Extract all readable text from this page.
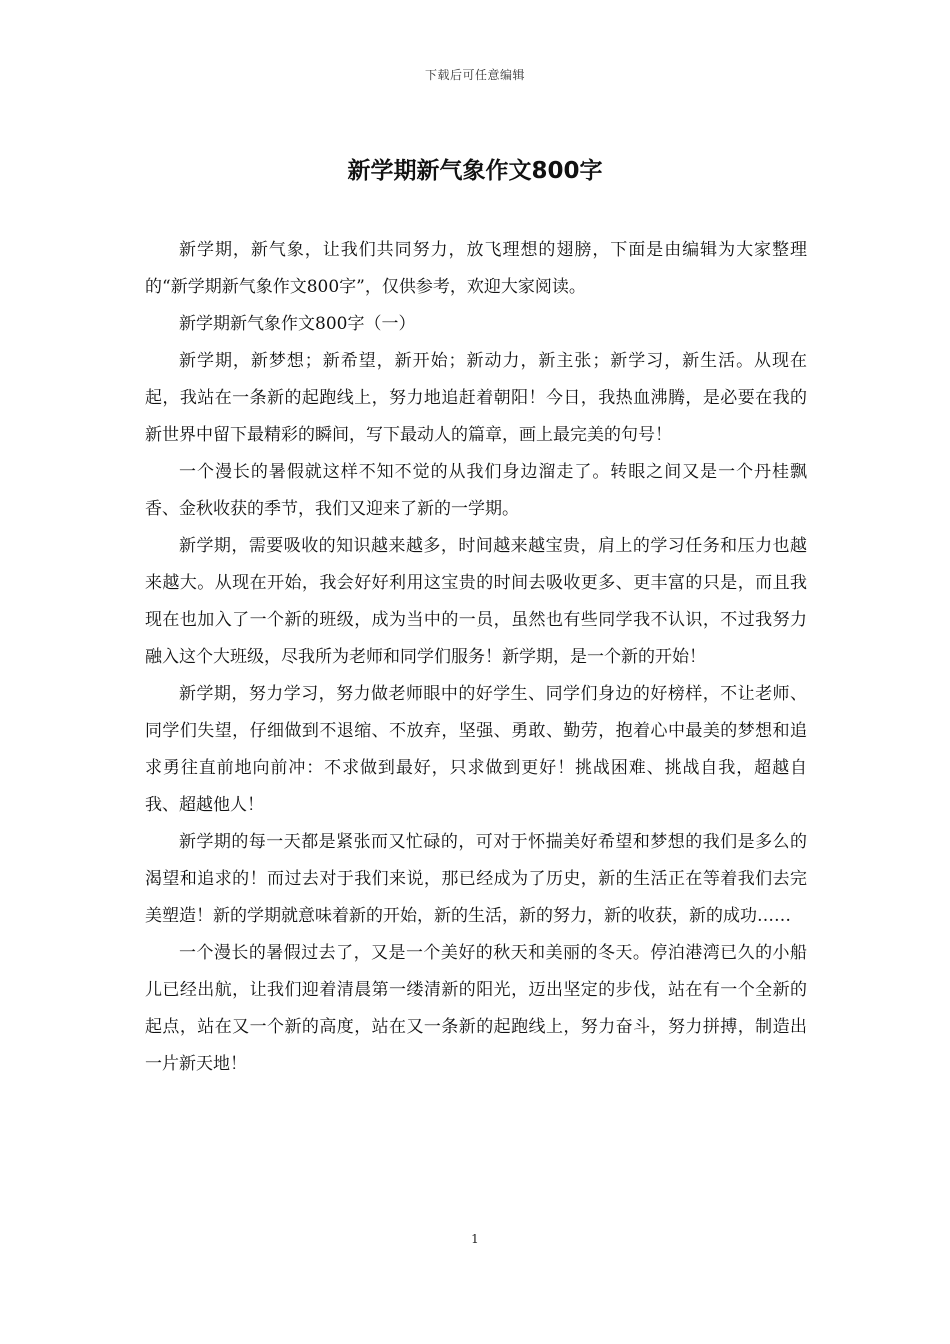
下载后可任意编辑
新学期新气象作文800字

新学期，新气象，让我们共同努力，放飞理想的翅膀，下面是由编辑为大家整理的“新学期新气象作文800字”，仅供参考，欢迎大家阅读。

新学期新气象作文800字（一）

新学期，新梦想；新希望，新开始；新动力，新主张；新学习，新生活。从现在起，我站在一条新的起跑线上，努力地追赶着朝阳！今日，我热血沸腾，是必要在我的新世界中留下最精彩的瞬间，写下最动人的篇章，画上最完美的句号！

一个漫长的暑假就这样不知不觉的从我们身边溜走了。转眼之间又是一个丹桂飘香、金秋收获的季节，我们又迎来了新的一学期。

新学期，需要吸收的知识越来越多，时间越来越宝贵，肩上的学习任务和压力也越来越大。从现在开始，我会好好利用这宝贵的时间去吸收更多、更丰富的只是，而且我现在也加入了一个新的班级，成为当中的一员，虽然也有些同学我不认识，不过我努力融入这个大班级，尽我所为老师和同学们服务！新学期，是一个新的开始！

新学期，努力学习，努力做老师眼中的好学生、同学们身边的好榜样，不让老师、同学们失望，仔细做到不退缩、不放弃，坚强、勇敢、勤劳，抱着心中最美的梦想和追求勇往直前地向前冲：不求做到最好，只求做到更好！挑战困难、挑战自我，超越自我、超越他人！

新学期的每一天都是紧张而又忙碌的，可对于怀揣美好希望和梦想的我们是多么的渴望和追求的！而过去对于我们来说，那已经成为了历史，新的生活正在等着我们去完美塑造！新的学期就意味着新的开始，新的生活，新的努力，新的收获，新的成功……

一个漫长的暑假过去了，又是一个美好的秋天和美丽的冬天。停泊港湾已久的小船儿已经出航，让我们迎着清晨第一缕清新的阳光，迈出坚定的步伐，站在有一个全新的起点，站在又一个新的高度，站在又一条新的起跑线上，努力奋斗，努力拼搏，制造出一片新天地！

1
